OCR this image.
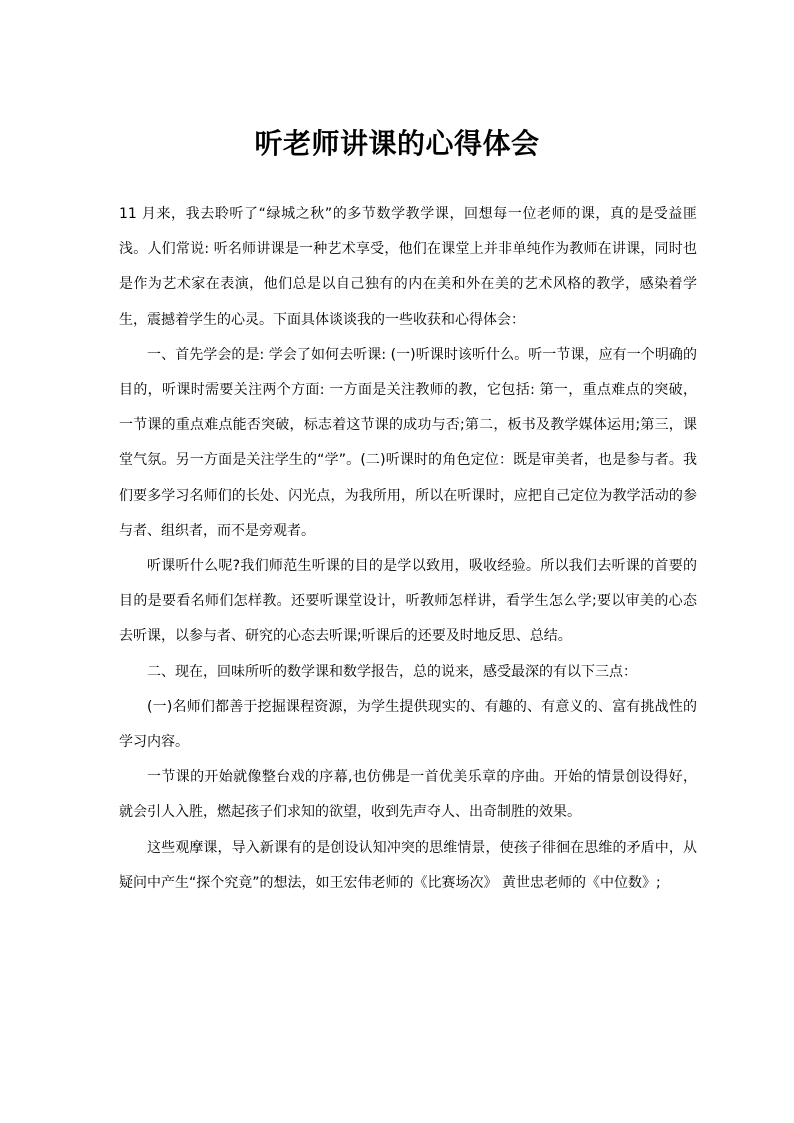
听老师讲课的心得体会

11 月来，我去聆听了“绿城之秋”的多节数学教学课，回想每一位老师的课，真的是受益匪浅。人们常说: 听名师讲课是一种艺术享受，他们在课堂上并非单纯作为教师在讲课，同时也是作为艺术家在表演，他们总是以自己独有的内在美和外在美的艺术风格的教学，感染着学生，震撼着学生的心灵。下面具体谈谈我的一些收获和心得体会：

一、首先学会的是: 学会了如何去听课: (一)听课时该听什么。听一节课，应有一个明确的目的，听课时需要关注两个方面: 一方面是关注教师的教，它包括: 第一，重点难点的突破，一节课的重点难点能否突破，标志着这节课的成功与否;第二，板书及教学媒体运用;第三，课堂气氛。另一方面是关注学生的“学”。(二)听课时的角色定位：既是审美者，也是参与者。我们要多学习名师们的长处、闪光点，为我所用，所以在听课时，应把自己定位为教学活动的参与者、组织者，而不是旁观者。

听课听什么呢?我们师范生听课的目的是学以致用，吸收经验。所以我们去听课的首要的目的是要看名师们怎样教。还要听课堂设计，听教师怎样讲，看学生怎么学;要以审美的心态去听课，以参与者、研究的心态去听课;听课后的还要及时地反思、总结。

二、现在，回味所听的数学课和数学报告，总的说来，感受最深的有以下三点：

(一)名师们都善于挖掘课程资源，为学生提供现实的、有趣的、有意义的、富有挑战性的学习内容。

一节课的开始就像整台戏的序幕,也仿佛是一首优美乐章的序曲。开始的情景创设得好，就会引人入胜，燃起孩子们求知的欲望，收到先声夺人、出奇制胜的效果。

这些观摩课，导入新课有的是创设认知冲突的思维情景，使孩子徘徊在思维的矛盾中，从疑问中产生“探个究竟”的想法，如王宏伟老师的《比赛场次》 黄世忠老师的《中位数》;
